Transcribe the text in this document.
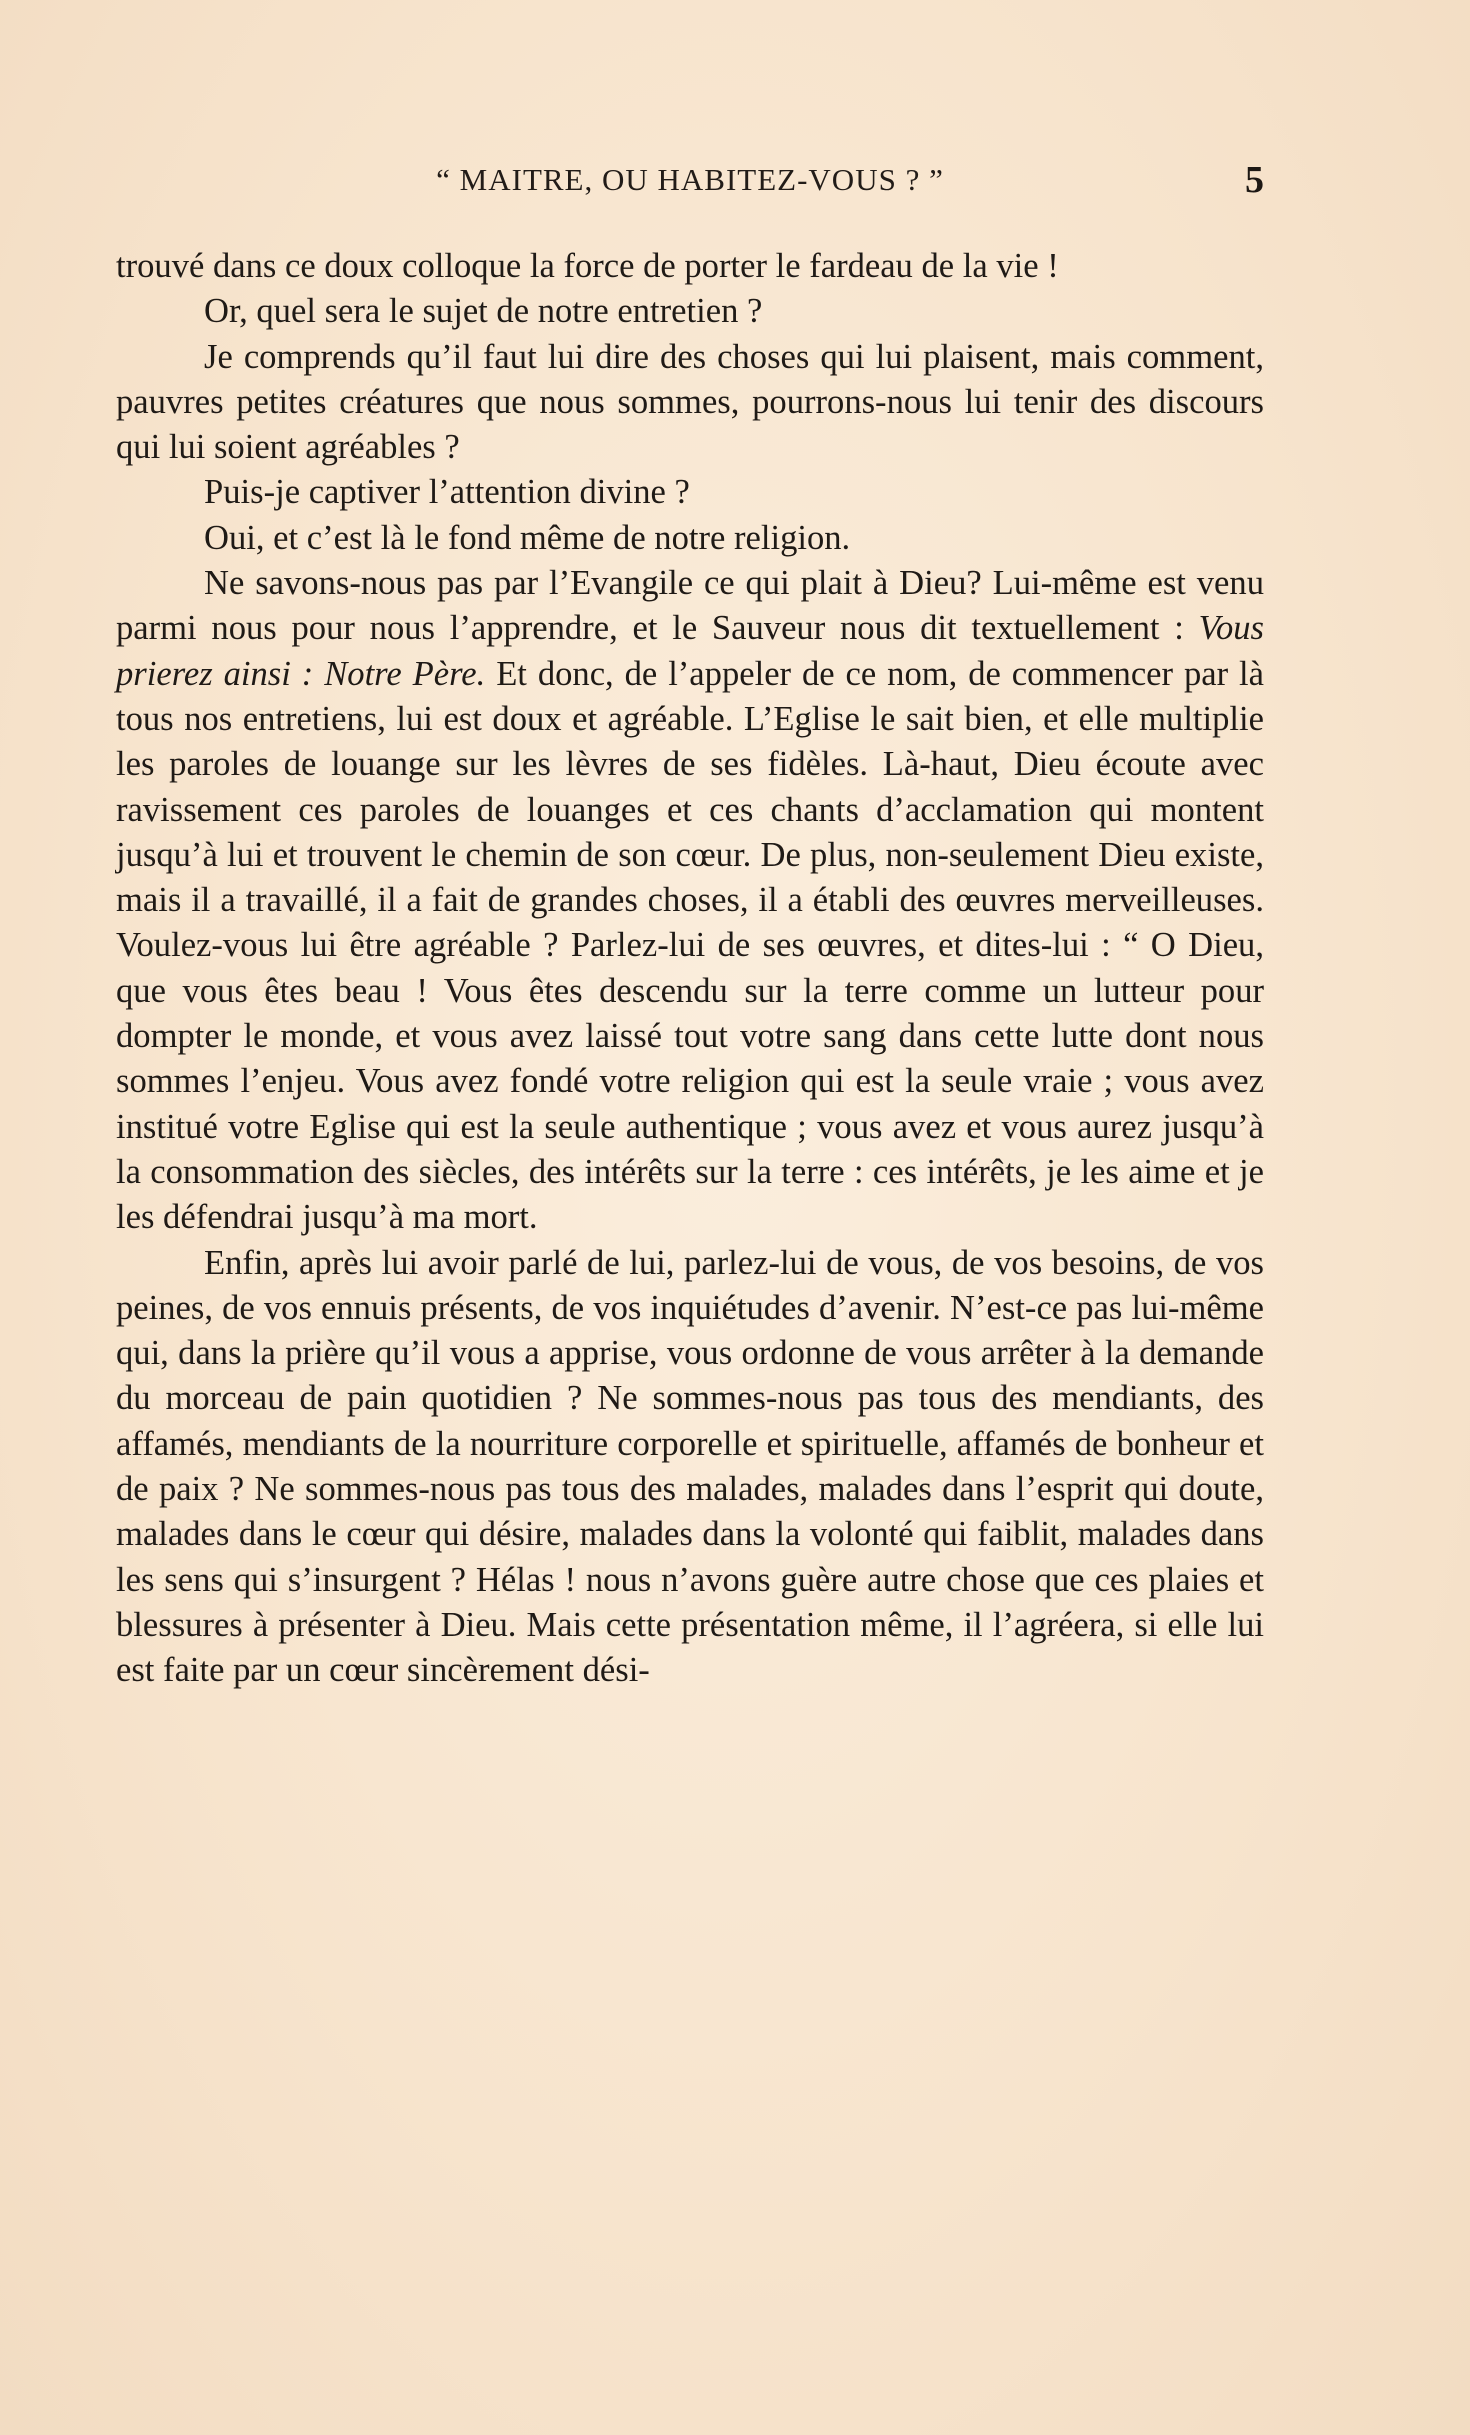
“ MAITRE, OU HABITEZ-VOUS ? ”	5

trouvé dans ce doux colloque la force de porter le fardeau de la vie !

Or, quel sera le sujet de notre entretien ?

Je comprends qu’il faut lui dire des choses qui lui plaisent, mais comment, pauvres petites créatures que nous sommes, pourrons-nous lui tenir des discours qui lui soient agréables ?

Puis-je captiver l’attention divine ?

Oui, et c’est là le fond même de notre religion.

Ne savons-nous pas par l’Evangile ce qui plait à Dieu? Lui-même est venu parmi nous pour nous l’apprendre, et le Sauveur nous dit textuellement : Vous prierez ainsi : Notre Père. Et donc, de l’appeler de ce nom, de commencer par là tous nos entretiens, lui est doux et agréable. L’Eglise le sait bien, et elle multiplie les paroles de louange sur les lèvres de ses fidèles. Là-haut, Dieu écoute avec ravissement ces paroles de louanges et ces chants d’acclamation qui montent jusqu’à lui et trouvent le chemin de son cœur. De plus, non-seulement Dieu existe, mais il a travaillé, il a fait de grandes choses, il a établi des œuvres merveilleuses. Voulez-vous lui être agréable ? Parlez-lui de ses œuvres, et dites-lui : “ O Dieu, que vous êtes beau ! Vous êtes descendu sur la terre comme un lutteur pour dompter le monde, et vous avez laissé tout votre sang dans cette lutte dont nous sommes l’enjeu. Vous avez fondé votre religion qui est la seule vraie ; vous avez institué votre Eglise qui est la seule authentique ; vous avez et vous aurez jusqu’à la consommation des siècles, des intérêts sur la terre : ces intérêts, je les aime et je les défendrai jusqu’à ma mort.

Enfin, après lui avoir parlé de lui, parlez-lui de vous, de vos besoins, de vos peines, de vos ennuis présents, de vos inquiétudes d’avenir. N’est-ce pas lui-même qui, dans la prière qu’il vous a apprise, vous ordonne de vous arrêter à la demande du morceau de pain quotidien ? Ne sommes-nous pas tous des mendiants, des affamés, mendiants de la nourriture corporelle et spirituelle, affamés de bonheur et de paix ? Ne sommes-nous pas tous des malades, malades dans l’esprit qui doute, malades dans le cœur qui désire, malades dans la volonté qui faiblit, malades dans les sens qui s’insurgent ? Hélas ! nous n’avons guère autre chose que ces plaies et blessures à présenter à Dieu. Mais cette présentation même, il l’agréera, si elle lui est faite par un cœur sincèrement dési-
